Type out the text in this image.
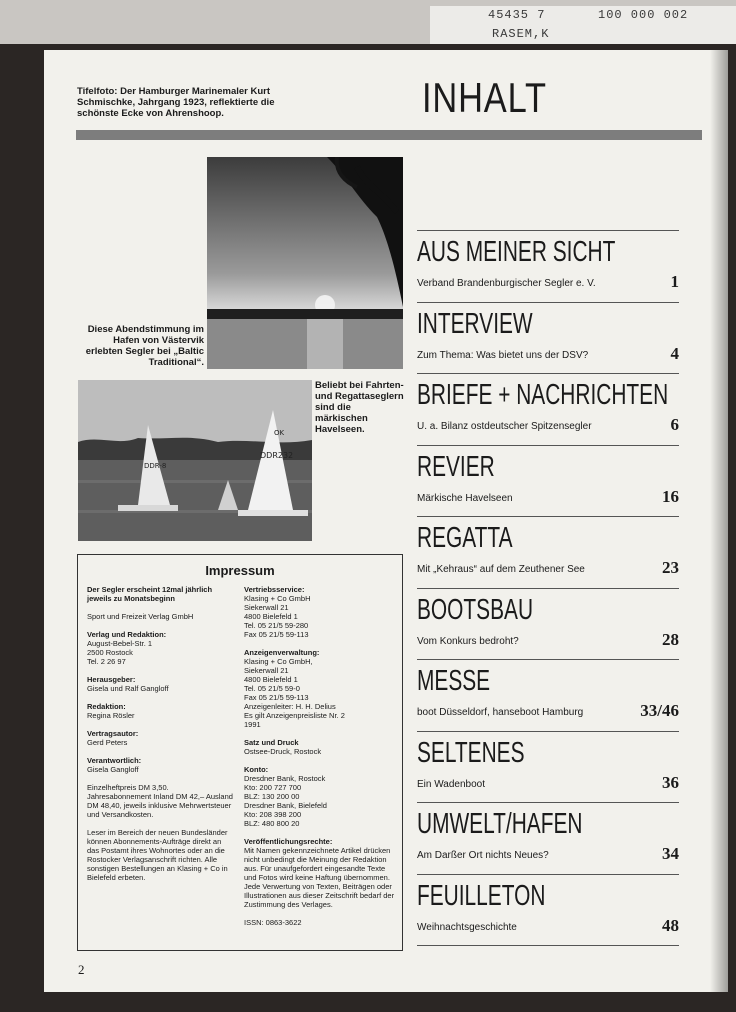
45435 7	100 000 002
RASEM,K
Tifelfoto: Der Hamburger Marinemaler Kurt Schmischke, Jahrgang 1923, reflektierte die schönste Ecke von Ahrenshoop.	INHALT
Diese Abendstimmung im Hafen von Västervik erlebten Segler bei „Baltic Traditional“.
DDR-8
OK
DDR232
Beliebt bei Fahrten- und Regattaseglern sind die märkischen Havelseen.
Impressum
Der Segler erscheint 12mal jährlich jeweils zu Monatsbeginn
Sport und Freizeit Verlag GmbH
Verlag und Redaktion:
August-Bebel-Str. 1
2500 Rostock
Tel. 2 26 97
Herausgeber:
Gisela und Ralf Gangloff
Redaktion:
Regina Rösler
Vertragsautor:
Gerd Peters
Verantwortlich:
Gisela Gangloff
Einzelheftpreis DM 3,50. Jahresabonnement Inland DM 42,– Ausland DM 48,40, jeweils inklusive Mehrwertsteuer und Versandkosten.
Leser im Bereich der neuen Bundesländer können Abonnements-Aufträge direkt an das Postamt ihres Wohnortes oder an die Rostocker Verlagsanschrift richten. Alle sonstigen Bestellungen an Klasing + Co in Bielefeld erbeten.
Vertriebsservice:
Klasing + Co GmbH
Siekerwall 21
4800 Bielefeld 1
Tel. 05 21/5 59-280
Fax 05 21/5 59-113
Anzeigenverwaltung:
Klasing + Co GmbH,
Siekerwall 21
4800 Bielefeld 1
Tel. 05 21/5 59-0
Fax 05 21/5 59-113
Anzeigenleiter: H. H. Delius
Es gilt Anzeigenpreisliste Nr. 2
1991
Satz und Druck
Ostsee-Druck, Rostock
Konto:
Dresdner Bank, Rostock
Kto: 200 727 700
BLZ: 130 200 00
Dresdner Bank, Bielefeld
Kto: 208 398 200
BLZ: 480 800 20
Veröffentlichungsrechte:
Mit Namen gekennzeichnete Artikel drücken nicht unbedingt die Meinung der Redaktion aus. Für unaufgefordert eingesandte Texte und Fotos wird keine Haftung übernommen. Jede Verwertung von Texten, Beiträgen oder Illustrationen aus dieser Zeitschrift bedarf der Zustimmung des Verlages.
ISSN: 0863-3622
AUS MEINER SICHT
Verband Brandenburgischer Segler e. V.	1
INTERVIEW
Zum Thema: Was bietet uns der DSV?	4
BRIEFE + NACHRICHTEN
U. a. Bilanz ostdeutscher Spitzensegler	6
REVIER
Märkische Havelseen	16
REGATTA
Mit „Kehraus“ auf dem Zeuthener See	23
BOOTSBAU
Vom Konkurs bedroht?	28
MESSE
boot Düsseldorf, hanseboot Hamburg	33/46
SELTENES
Ein Wadenboot	36
UMWELT/HAFEN
Am Darßer Ort nichts Neues?	34
FEUILLETON
Weihnachtsgeschichte	48
2
